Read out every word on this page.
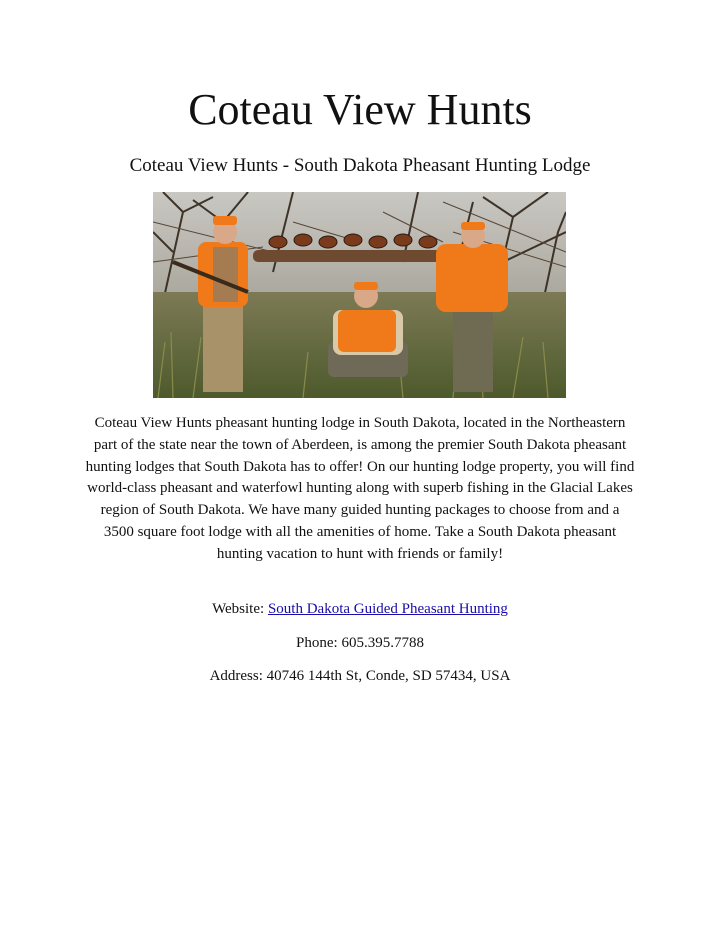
Coteau View Hunts

Coteau View Hunts - South Dakota Pheasant Hunting Lodge

Coteau View Hunts pheasant hunting lodge in South Dakota, located in the Northeastern part of the state near the town of Aberdeen, is among the premier South Dakota pheasant hunting lodges that South Dakota has to offer! On our hunting lodge property, you will find world-class pheasant and waterfowl hunting along with superb fishing in the Glacial Lakes region of South Dakota. We have many guided hunting packages to choose from and a 3500 square foot lodge with all the amenities of home. Take a South Dakota pheasant hunting vacation to hunt with friends or family!

Website: South Dakota Guided Pheasant Hunting

Phone: 605.395.7788

Address: 40746 144th St, Conde, SD 57434, USA
